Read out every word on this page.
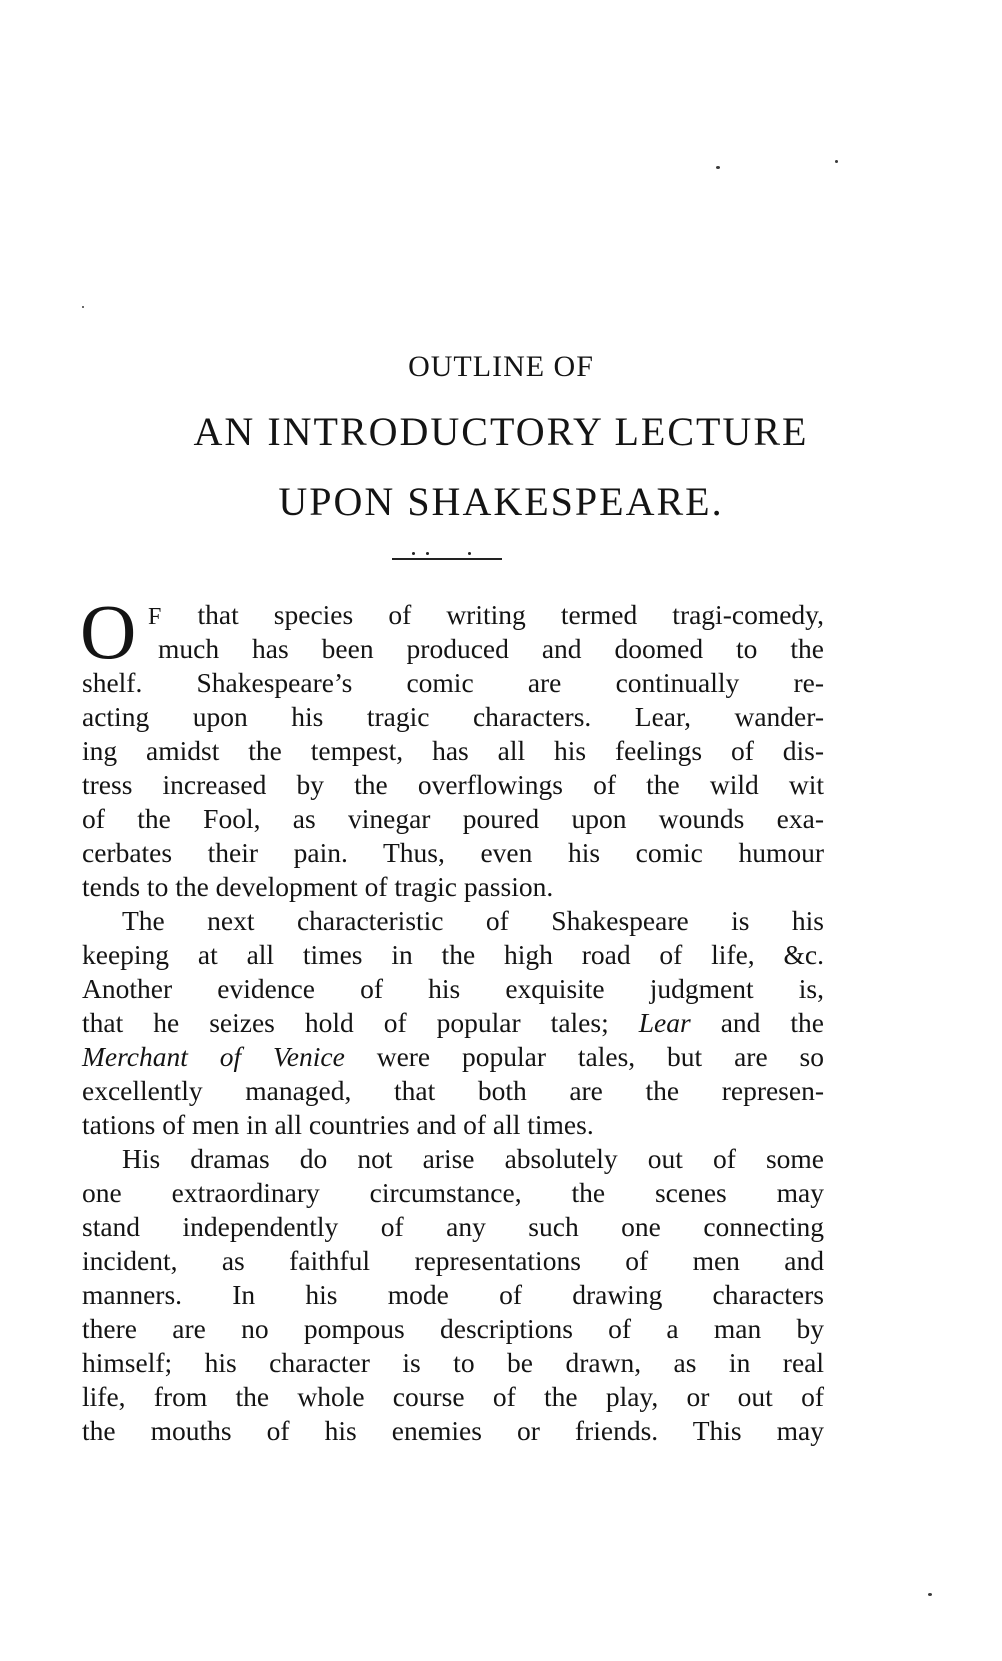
OUTLINE OF
AN INTRODUCTORY LECTURE
UPON SHAKESPEARE.
O F that species of writing termed tragi-comedy,
much has been produced and doomed to the
shelf. Shakespeare’s comic are continually re-
acting upon his tragic characters. Lear, wander-
ing amidst the tempest, has all his feelings of dis-
tress increased by the overflowings of the wild wit
of the Fool, as vinegar poured upon wounds exa-
cerbates their pain. Thus, even his comic humour
tends to the development of tragic passion.
The next characteristic of Shakespeare is his
keeping at all times in the high road of life, &c.
Another evidence of his exquisite judgment is,
that he seizes hold of popular tales; Lear and the
Merchant of Venice were popular tales, but are so
excellently managed, that both are the represen-
tations of men in all countries and of all times.
His dramas do not arise absolutely out of some
one extraordinary circumstance, the scenes may
stand independently of any such one connecting
incident, as faithful representations of men and
manners. In his mode of drawing characters
there are no pompous descriptions of a man by
himself; his character is to be drawn, as in real
life, from the whole course of the play, or out of
the mouths of his enemies or friends. This may
